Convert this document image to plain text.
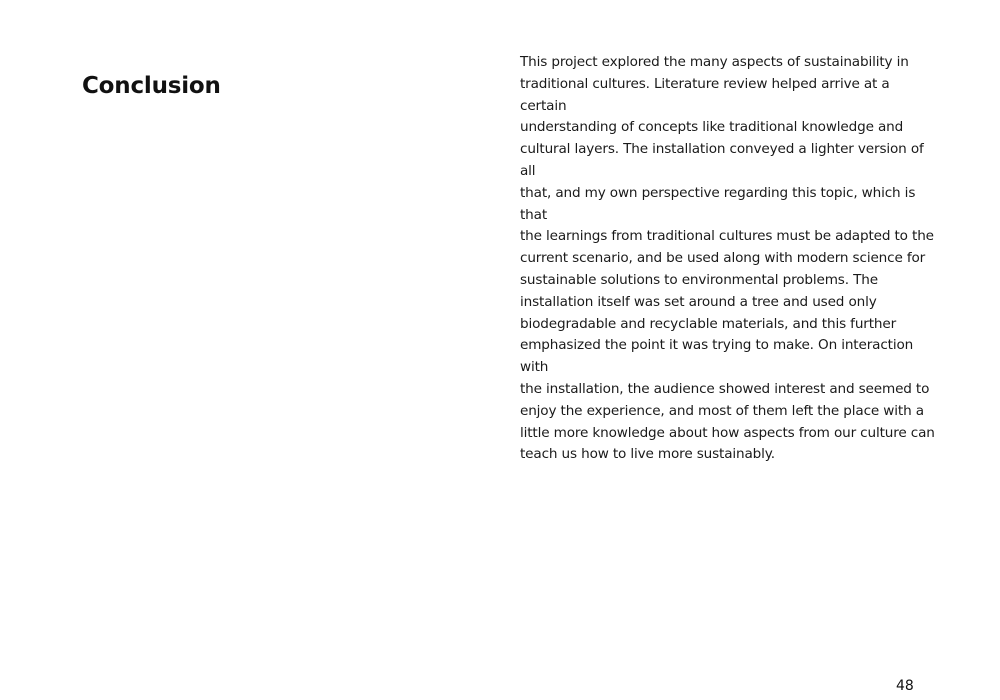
Conclusion

This project explored the many aspects of sustainability in
traditional cultures. Literature review helped arrive at a certain
understanding of concepts like traditional knowledge and
cultural layers. The installation conveyed a lighter version of all
that, and my own perspective regarding this topic, which is that
the learnings from traditional cultures must be adapted to the
current scenario, and be used along with modern science for
sustainable solutions to environmental problems. The
installation itself was set around a tree and used only
biodegradable and recyclable materials, and this further
emphasized the point it was trying to make. On interaction with
the installation, the audience showed interest and seemed to
enjoy the experience, and most of them left the place with a
little more knowledge about how aspects from our culture can
teach us how to live more sustainably.

48
